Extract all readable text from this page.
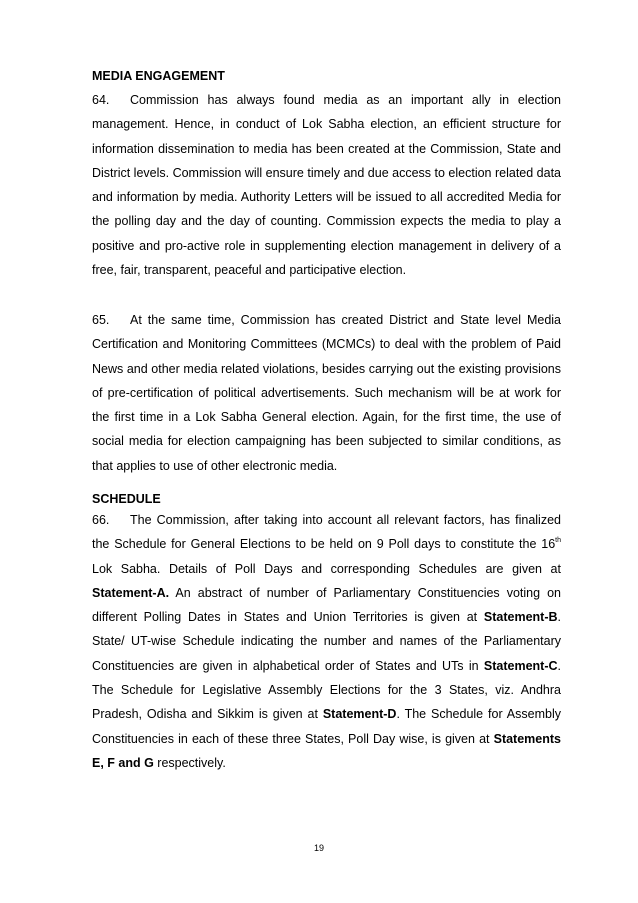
MEDIA ENGAGEMENT
64. Commission has always found media as an important ally in election management. Hence, in conduct of Lok Sabha election, an efficient structure for information dissemination to media has been created at the Commission, State and District levels. Commission will ensure timely and due access to election related data and information by media. Authority Letters will be issued to all accredited Media for the polling day and the day of counting. Commission expects the media to play a positive and pro-active role in supplementing election management in delivery of a free, fair, transparent, peaceful and participative election.
65. At the same time, Commission has created District and State level Media Certification and Monitoring Committees (MCMCs) to deal with the problem of Paid News and other media related violations, besides carrying out the existing provisions of pre-certification of political advertisements. Such mechanism will be at work for the first time in a Lok Sabha General election. Again, for the first time, the use of social media for election campaigning has been subjected to similar conditions, as that applies to use of other electronic media.
SCHEDULE
66. The Commission, after taking into account all relevant factors, has finalized the Schedule for General Elections to be held on 9 Poll days to constitute the 16th Lok Sabha. Details of Poll Days and corresponding Schedules are given at Statement-A. An abstract of number of Parliamentary Constituencies voting on different Polling Dates in States and Union Territories is given at Statement-B. State/ UT-wise Schedule indicating the number and names of the Parliamentary Constituencies are given in alphabetical order of States and UTs in Statement-C. The Schedule for Legislative Assembly Elections for the 3 States, viz. Andhra Pradesh, Odisha and Sikkim is given at Statement-D. The Schedule for Assembly Constituencies in each of these three States, Poll Day wise, is given at Statements E, F and G respectively.
19
